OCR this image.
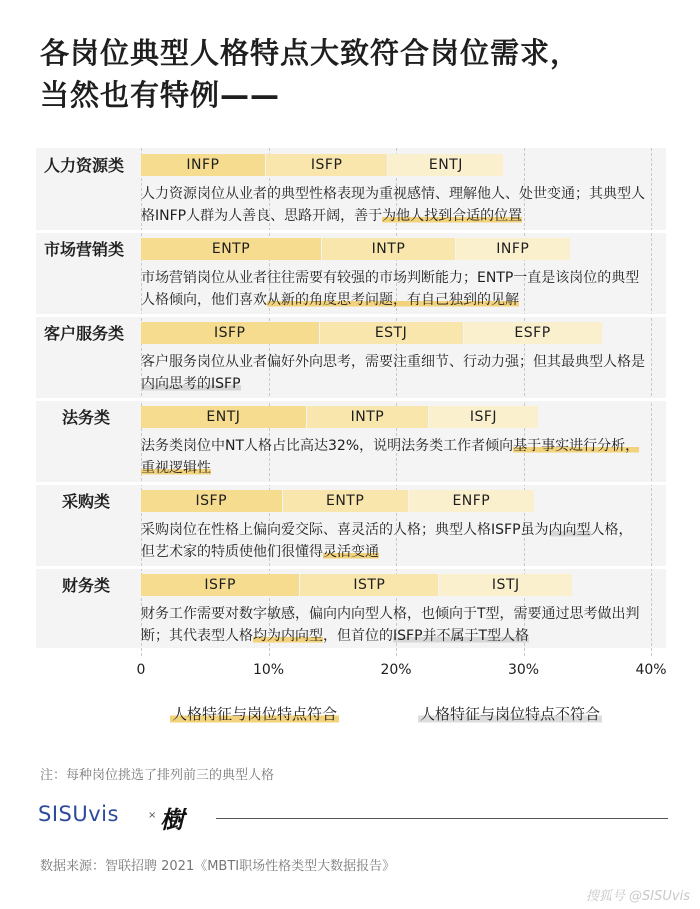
各岗位典型人格特点大致符合岗位需求，
当然也有特例——
人力资源类	INFP	ISFP	ENTJ
人力资源岗位从业者的典型性格表现为重视感情、理解他人、处世变通；其典型人格INFP人群为人善良、思路开阔，善于为他人找到合适的位置
市场营销类	ENTP	INTP	INFP
市场营销岗位从业者往往需要有较强的市场判断能力；ENTP一直是该岗位的典型人格倾向，他们喜欢从新的角度思考问题，有自己独到的见解
客户服务类	ISFP	ESTJ	ESFP
客户服务岗位从业者偏好外向思考，需要注重细节、行动力强；但其最典型人格是内向思考的ISFP
法务类	ENTJ	INTP	ISFJ
法务类岗位中NT人格占比高达32%，说明法务类工作者倾向基于事实进行分析，重视逻辑性
采购类	ISFP	ENTP	ENFP
采购岗位在性格上偏向爱交际、喜灵活的人格；典型人格ISFP虽为内向型人格，但艺术家的特质使他们很懂得灵活变通
财务类	ISFP	ISTP	ISTJ
财务工作需要对数字敏感，偏向内向型人格，也倾向于T型，需要通过思考做出判断；其代表型人格均为内向型，但首位的ISFP并不属于T型人格
0	10%	20%	30%	40%
人格特征与岗位特点符合	人格特征与岗位特点不符合
注：每种岗位挑选了排列前三的典型人格
SISUvis	× 樹
数据来源：智联招聘 2021《MBTI职场性格类型大数据报告》
搜狐号 @SISUvis
